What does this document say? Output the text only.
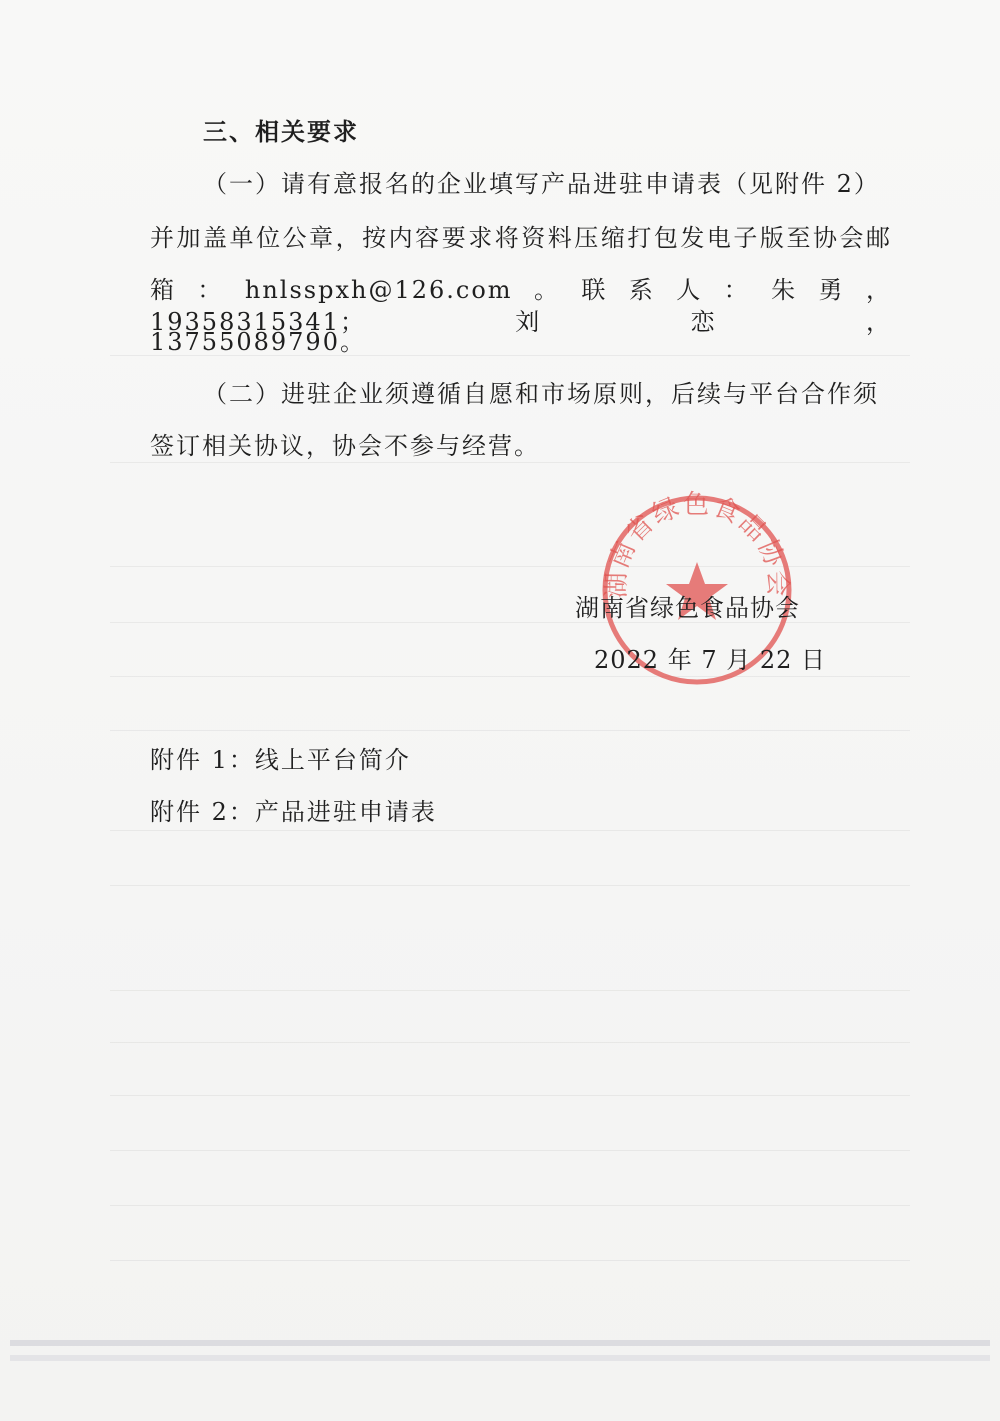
三、相关要求
（一）请有意报名的企业填写产品进驻申请表（见附件 2）
并加盖单位公章，按内容要求将资料压缩打包发电子版至协会邮
箱：hnlsspxh@126.com。联系人：朱勇，19358315341；刘恋，
13755089790。
（二）进驻企业须遵循自愿和市场原则，后续与平台合作须
签订相关协议，协会不参与经营。
湖南省绿色食品协会
湖南省绿色食品协会
2022 年 7 月 22 日
附件 1：线上平台简介
附件 2：产品进驻申请表
